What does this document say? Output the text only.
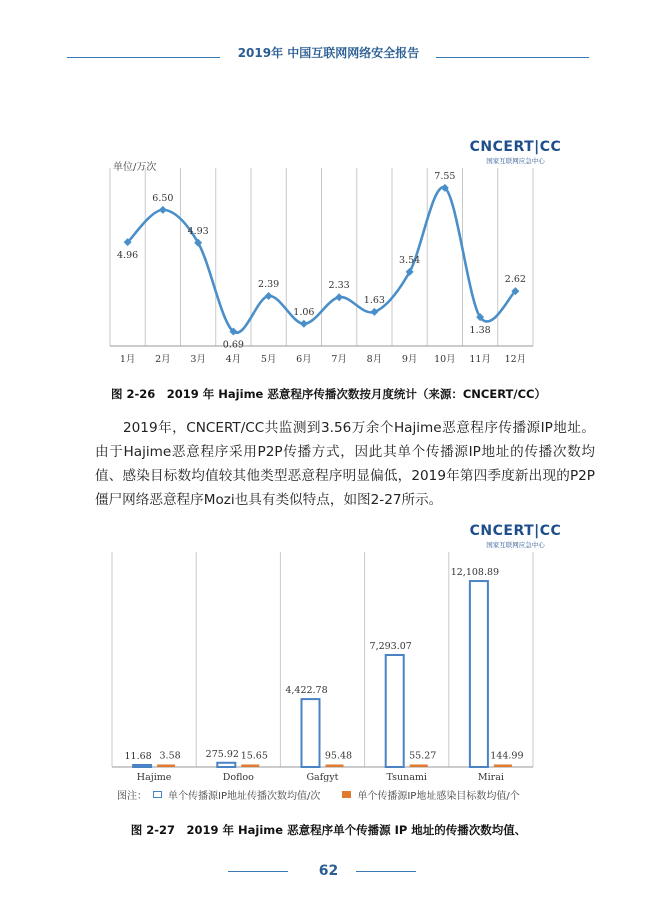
2019年 中国互联网网络安全报告
CNCERT|CC
国家互联网应急中心
单位/万次
4.96
1月
6.50
2月
4.93
3月
0.69
4月
2.39
5月
1.06
6月
2.33
7月
1.63
8月
3.54
9月
7.55
10月
1.38
11月
2.62
12月
图 2-26　2019 年 Hajime 恶意程序传播次数按月度统计（来源：CNCERT/CC）

2019年，CNCERT/CC共监测到3.56万余个Hajime恶意程序传播源IP地址。由于Hajime恶意程序采用P2P传播方式，因此其单个传播源IP地址的传播次数均值、感染目标数均值较其他类型恶意程序明显偏低，2019年第四季度新出现的P2P僵尸网络恶意程序Mozi也具有类似特点，如图2-27所示。

CNCERT|CC
国家互联网应急中心
11.68 3.58
Hajime
275.92 15.65
Dofloo
4,422.78
95.48
Gafgyt
7,293.07
55.27
Tsunami
12,108.89
144.99
Mirai
图注： 单个传播源IP地址传播次数均值/次	单个传播源IP地址感染目标数均值/个
图 2-27　2019 年 Hajime 恶意程序单个传播源 IP 地址的传播次数均值、
62
